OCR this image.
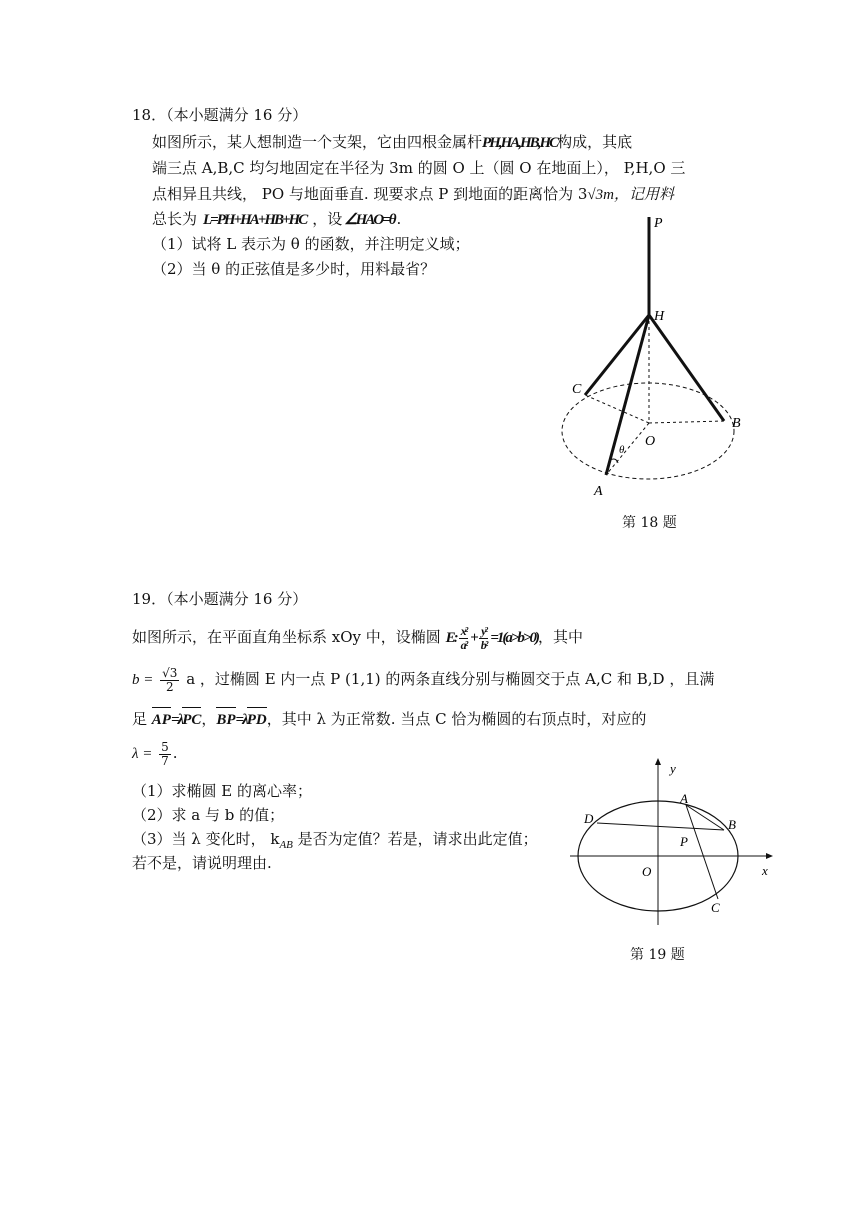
18．（本小题满分 16 分）
如图所示，某人想制造一个支架，它由四根金属杆PH,HA,HB,HC构成，其底
端三点 A,B,C 均匀地固定在半径为 3m 的圆 O 上（圆 O 在地面上）， P,H,O 三
点相异且共线， PO 与地面垂直. 现要求点 P 到地面的距离恰为 3√3m，记用料
总长为 L=PH+HA+HB+HC ，设 ∠HAO=θ .
（1）试将 L 表示为 θ 的函数，并注明定义域；
（2）当 θ 的正弦值是多少时，用料最省？
P
H
C
B
O
A
θ
第 18 题
19．（本小题满分 16 分）
如图所示，在平面直角坐标系 xOy 中，设椭圆 E: $\frac{\text{x²}}{\text{a²}} + \frac{\text{y²}}{\text{b²}} =1(a>b>0)$，其中
$b = \frac{√3}{2}$ a ，过椭圆 E 内一点 P (1,1) 的两条直线分别与椭圆交于点 A,C 和 B,D ，且满
足 AP=λPC，BP=λPD，其中 λ 为正常数. 当点 C 恰为椭圆的右顶点时，对应的
$\lambda = \frac{5}{7}$ .
（1）求椭圆 E 的离心率；
（2）求 a 与 b 的值；
（3）当 λ 变化时， $k_{AB}$ 是否为定值？若是，请求出此定值；
若不是，请说明理由.
y
x
O
A
B
C
D
P
第 19 题
